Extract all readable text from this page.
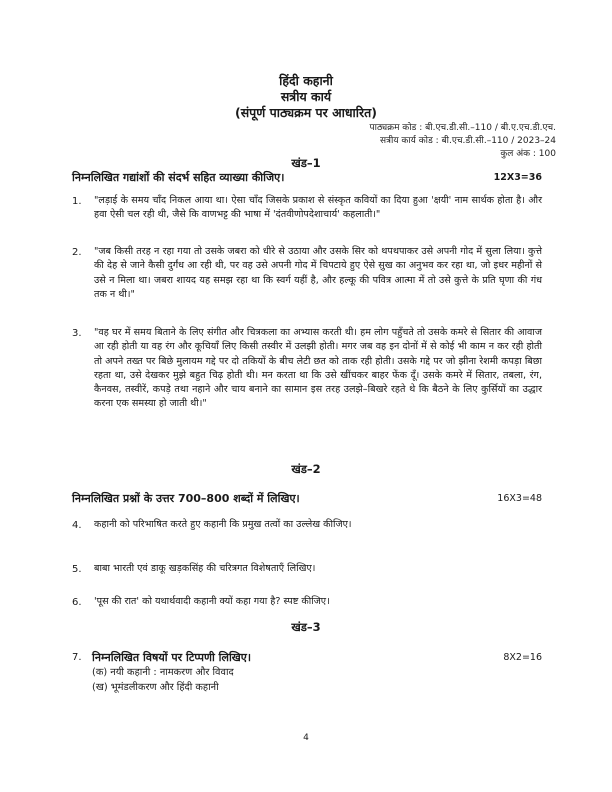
हिंदी कहानी
सत्रीय कार्य
(संपूर्ण पाठ्यक्रम पर आधारित)
पाठ्यक्रम कोड : बी.एच.डी.सी.–110 / बी.ए.एच.डी.एच.
सत्रीय कार्य कोड : बी.एच.डी.सी.–110 / 2023–24
कुल अंक : 100
खंड–1
निम्नलिखित गद्यांशों की संदर्भ सहित व्याख्या कीजिए।	12X3=36
1. "लड़ाई के समय चाँद निकल आया था। ऐसा चाँद जिसके प्रकाश से संस्कृत कवियों का दिया हुआ 'क्षयी' नाम सार्थक होता है। और हवा ऐसी चल रही थी, जैसे कि वाणभट्ट की भाषा में 'दंतवीणोपदेशाचार्य' कहलाती।"
2. "जब किसी तरह न रहा गया तो उसके जबरा को धीरे से उठाया और उसके सिर को थपथपाकर उसे अपनी गोद में सुला लिया। कुत्ते की देह से जाने कैसी दुर्गंध आ रही थी, पर वह उसे अपनी गोद में चिपटाये हुए ऐसे सुख का अनुभव कर रहा था, जो इधर महीनों से उसे न मिला था। जबरा शायद यह समझ रहा था कि स्वर्ग यहीं है, और हल्कू की पवित्र आत्मा में तो उसे कुत्ते के प्रति घृणा की गंध तक न थी।"
3. "वह घर में समय बिताने के लिए संगीत और चित्रकला का अभ्यास करती थी। हम लोग पहुँचते तो उसके कमरे से सितार की आवाज आ रही होती या वह रंग और कूचियाँ लिए किसी तस्वीर में उलझी होती। मगर जब वह इन दोनों में से कोई भी काम न कर रही होती तो अपने तख्त पर बिछे मुलायम गद्दे पर दो तकियों के बीच लेटी छत को ताक रही होती। उसके गद्दे पर जो झीना रेशमी कपड़ा बिछा रहता था, उसे देखकर मुझे बहुत चिढ़ होती थी। मन करता था कि उसे खींचकर बाहर फेंक दूँ। उसके कमरे में सितार, तबला, रंग, कैनवस, तस्वीरें, कपड़े तथा नहाने और चाय बनाने का सामान इस तरह उलझे–बिखरे रहते थे कि बैठने के लिए कुर्सियों का उद्धार करना एक समस्या हो जाती थी।"
खंड–2
निम्नलिखित प्रश्नों के उत्तर 700–800 शब्दों में लिखिए।	16X3=48
4. कहानी को परिभाषित करते हुए कहानी कि प्रमुख तत्वों का उल्लेख कीजिए।
5. बाबा भारती एवं डाकू खड़कसिंह की चरित्रगत विशेषताएँ लिखिए।
6. 'पूस की रात' को यथार्थवादी कहानी क्यों कहा गया है? स्पष्ट कीजिए।
खंड–3
7. निम्नलिखित विषयों पर टिप्पणी लिखिए।	8X2=16
(क) नयी कहानी : नामकरण और विवाद
(ख) भूमंडलीकरण और हिंदी कहानी
4
